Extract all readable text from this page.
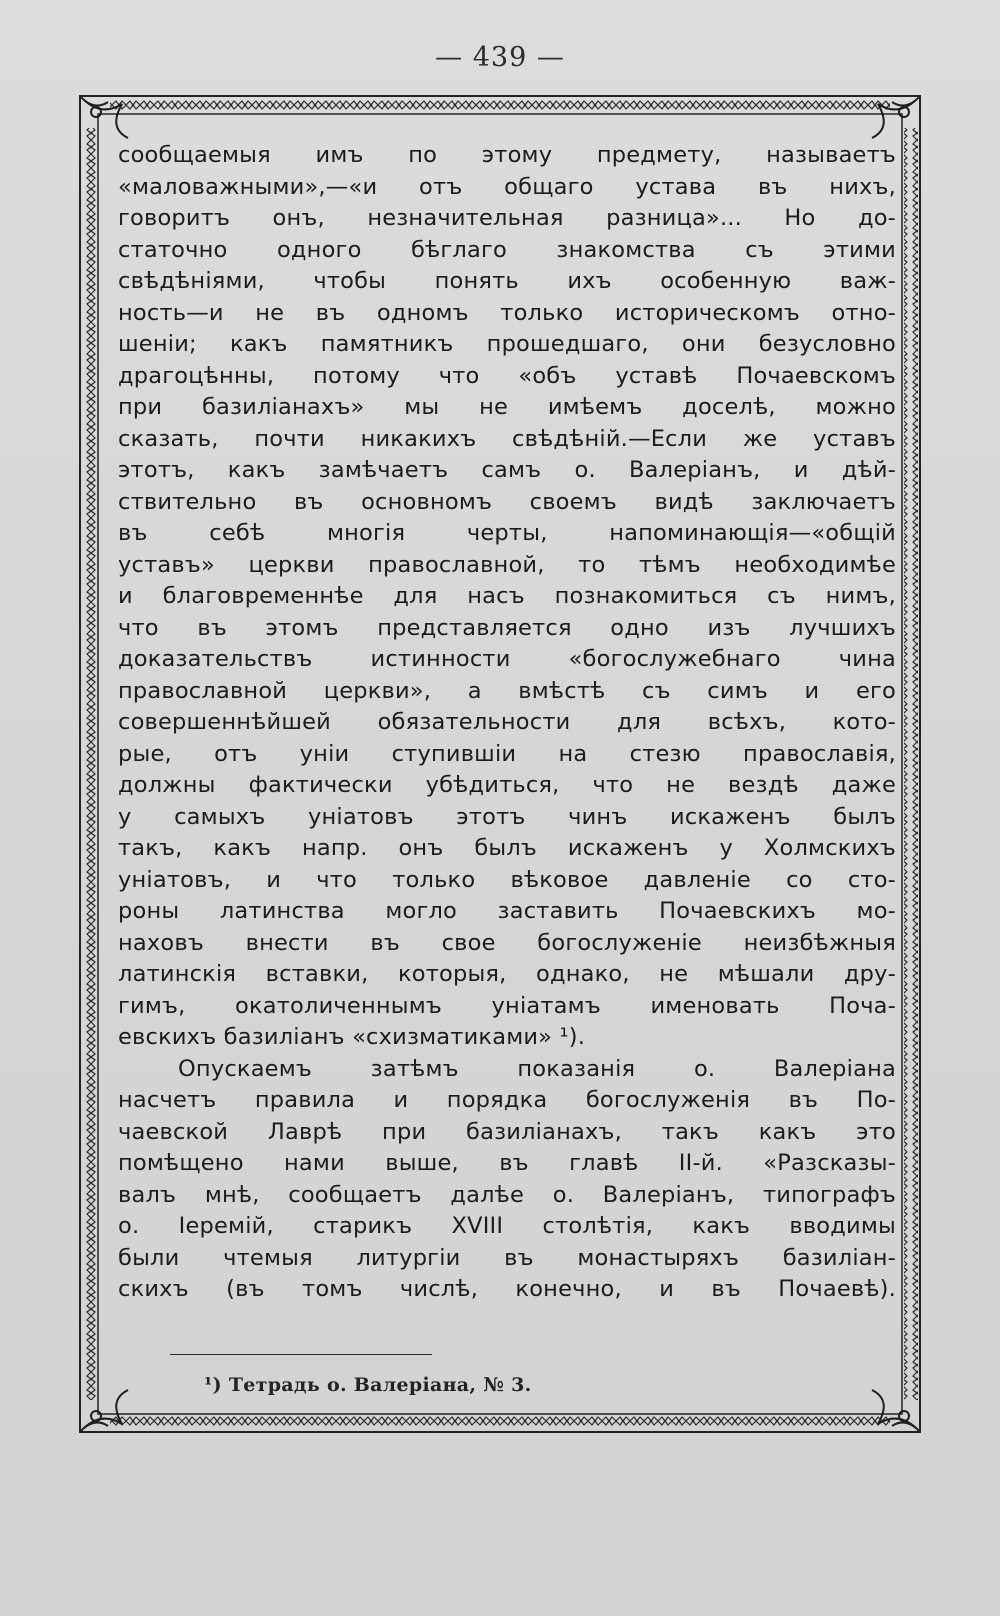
— 439 —
сообщаемыя имъ по этому предмету, называетъ
«маловажными»,—«и отъ общаго устава въ нихъ,
говоритъ онъ, незначительная разница»... Но до-
статочно одного бѣглаго знакомства съ этими
свѣдѣніями, чтобы понять ихъ особенную важ-
ность—и не въ одномъ только историческомъ отно-
шеніи; какъ памятникъ прошедшаго, они безусловно
драгоцѣнны, потому что «объ уставѣ Почаевскомъ
при базиліанахъ» мы не имѣемъ доселѣ, можно
сказать, почти никакихъ свѣдѣній.—Если же уставъ
этотъ, какъ замѣчаетъ самъ о. Валеріанъ, и дѣй-
ствительно въ основномъ своемъ видѣ заключаетъ
въ себѣ многія черты, напоминающія—«общій
уставъ» церкви православной, то тѣмъ необходимѣе
и благовременнѣе для насъ познакомиться съ нимъ,
что въ этомъ представляется одно изъ лучшихъ
доказательствъ истинности «богослужебнаго чина
православной церкви», а вмѣстѣ съ симъ и его
совершеннѣйшей обязательности для всѣхъ, кото-
рые, отъ уніи ступившіи на стезю православія,
должны фактически убѣдиться, что не вездѣ даже
у самыхъ уніатовъ этотъ чинъ искаженъ былъ
такъ, какъ напр. онъ былъ искаженъ у Холмскихъ
уніатовъ, и что только вѣковое давленіе со сто-
роны латинства могло заставить Почаевскихъ мо-
наховъ внести въ свое богослуженіе неизбѣжныя
латинскія вставки, которыя, однако, не мѣшали дру-
гимъ, окатоличеннымъ уніатамъ именовать Поча-
евскихъ базиліанъ «схизматиками» ¹).
Опускаемъ затѣмъ показанія о. Валеріана
насчетъ правила и порядка богослуженія въ По-
чаевской Лаврѣ при базиліанахъ, такъ какъ это
помѣщено нами выше, въ главѣ II-й. «Разсказы-
валъ мнѣ, сообщаетъ далѣе о. Валеріанъ, типографъ
о. Іеремій, старикъ XVIII столѣтія, какъ вводимы
были чтемыя литургіи въ монастыряхъ базиліан-
скихъ (въ томъ числѣ, конечно, и въ Почаевѣ).
¹) Тетрадь о. Валеріана, № 3.
